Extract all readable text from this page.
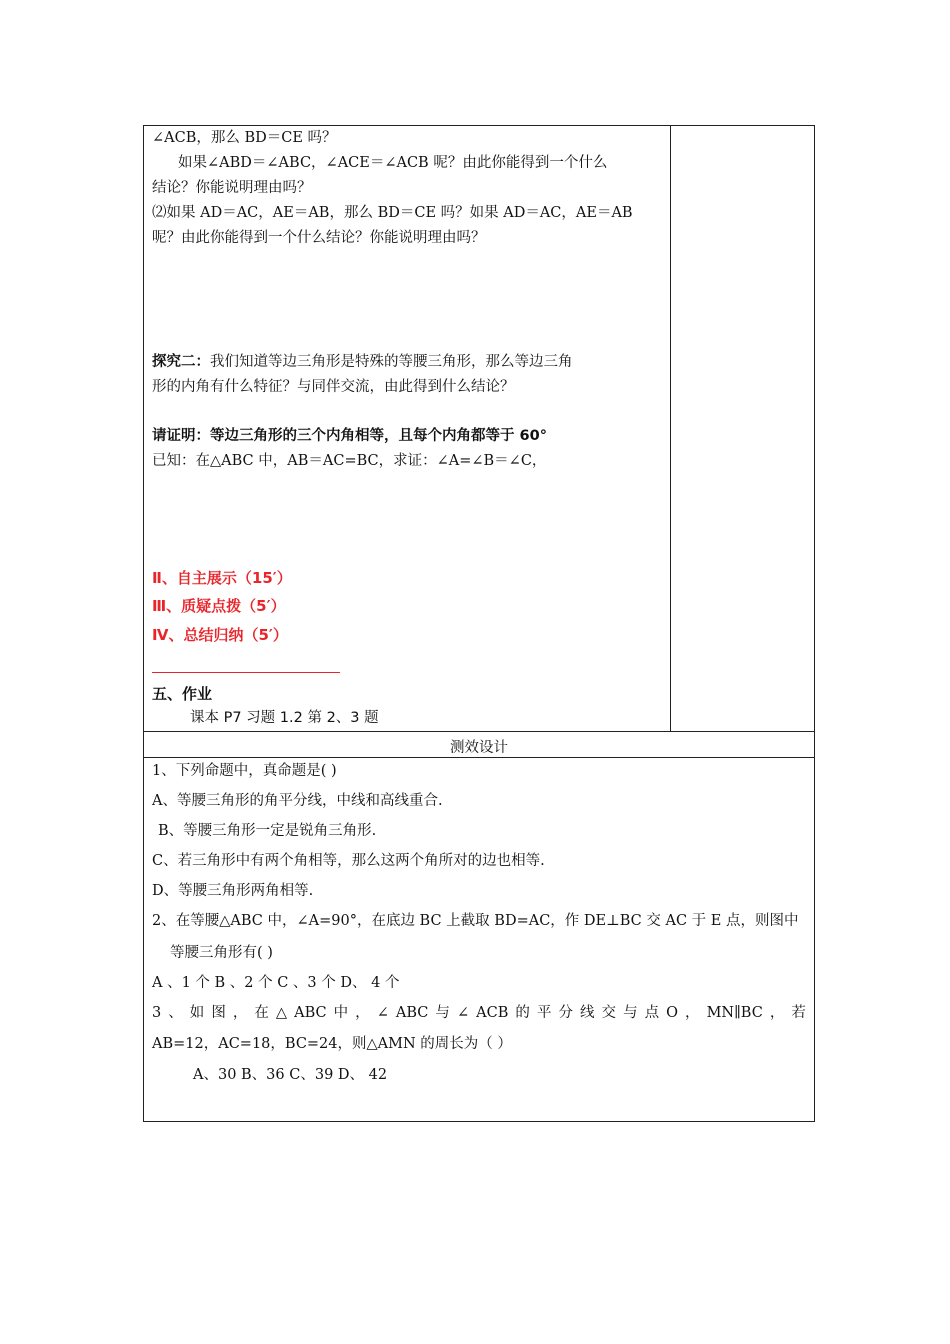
∠ACB，那么 BD＝CE 吗？
如果∠ABD＝∠ABC，∠ACE＝∠ACB 呢？由此你能得到一个什么
结论？你能说明理由吗？
⑵如果 AD＝AC，AE＝AB，那么 BD＝CE 吗？如果 AD＝AC，AE＝AB
呢？由此你能得到一个什么结论？你能说明理由吗？
探究二：我们知道等边三角形是特殊的等腰三角形，那么等边三角
形的内角有什么特征？与同伴交流，由此得到什么结论？
请证明：等边三角形的三个内角相等，且每个内角都等于 60°
已知：在△ABC 中，AB＝AC=BC，求证：∠A=∠B＝∠C，
Ⅱ、自主展示（15′）
Ⅲ、质疑点拨（5′）
Ⅳ、总结归纳（5′）
五、作业
课本 P7 习题 1.2 第 2、3 题
测效设计
1、下列命题中，真命题是( )
A、等腰三角形的角平分线，中线和高线重合.
B、等腰三角形一定是锐角三角形.
C、若三角形中有两个角相等，那么这两个角所对的边也相等.
D、等腰三角形两角相等.
2、在等腰△ABC 中，∠A=90°，在底边 BC 上截取 BD=AC，作 DE⊥BC 交 AC 于 E 点，则图中
等腰三角形有( )
A 、1 个 B 、2 个 C 、3 个 D、 4 个
3 、 如 图 ， 在 △ ABC 中 ， ∠ ABC 与 ∠ ACB 的 平 分 线 交 与 点 O ， MN∥BC ， 若
AB=12，AC=18，BC=24，则△AMN 的周长为（ ）
A、30 B、36 C、39 D、 42
